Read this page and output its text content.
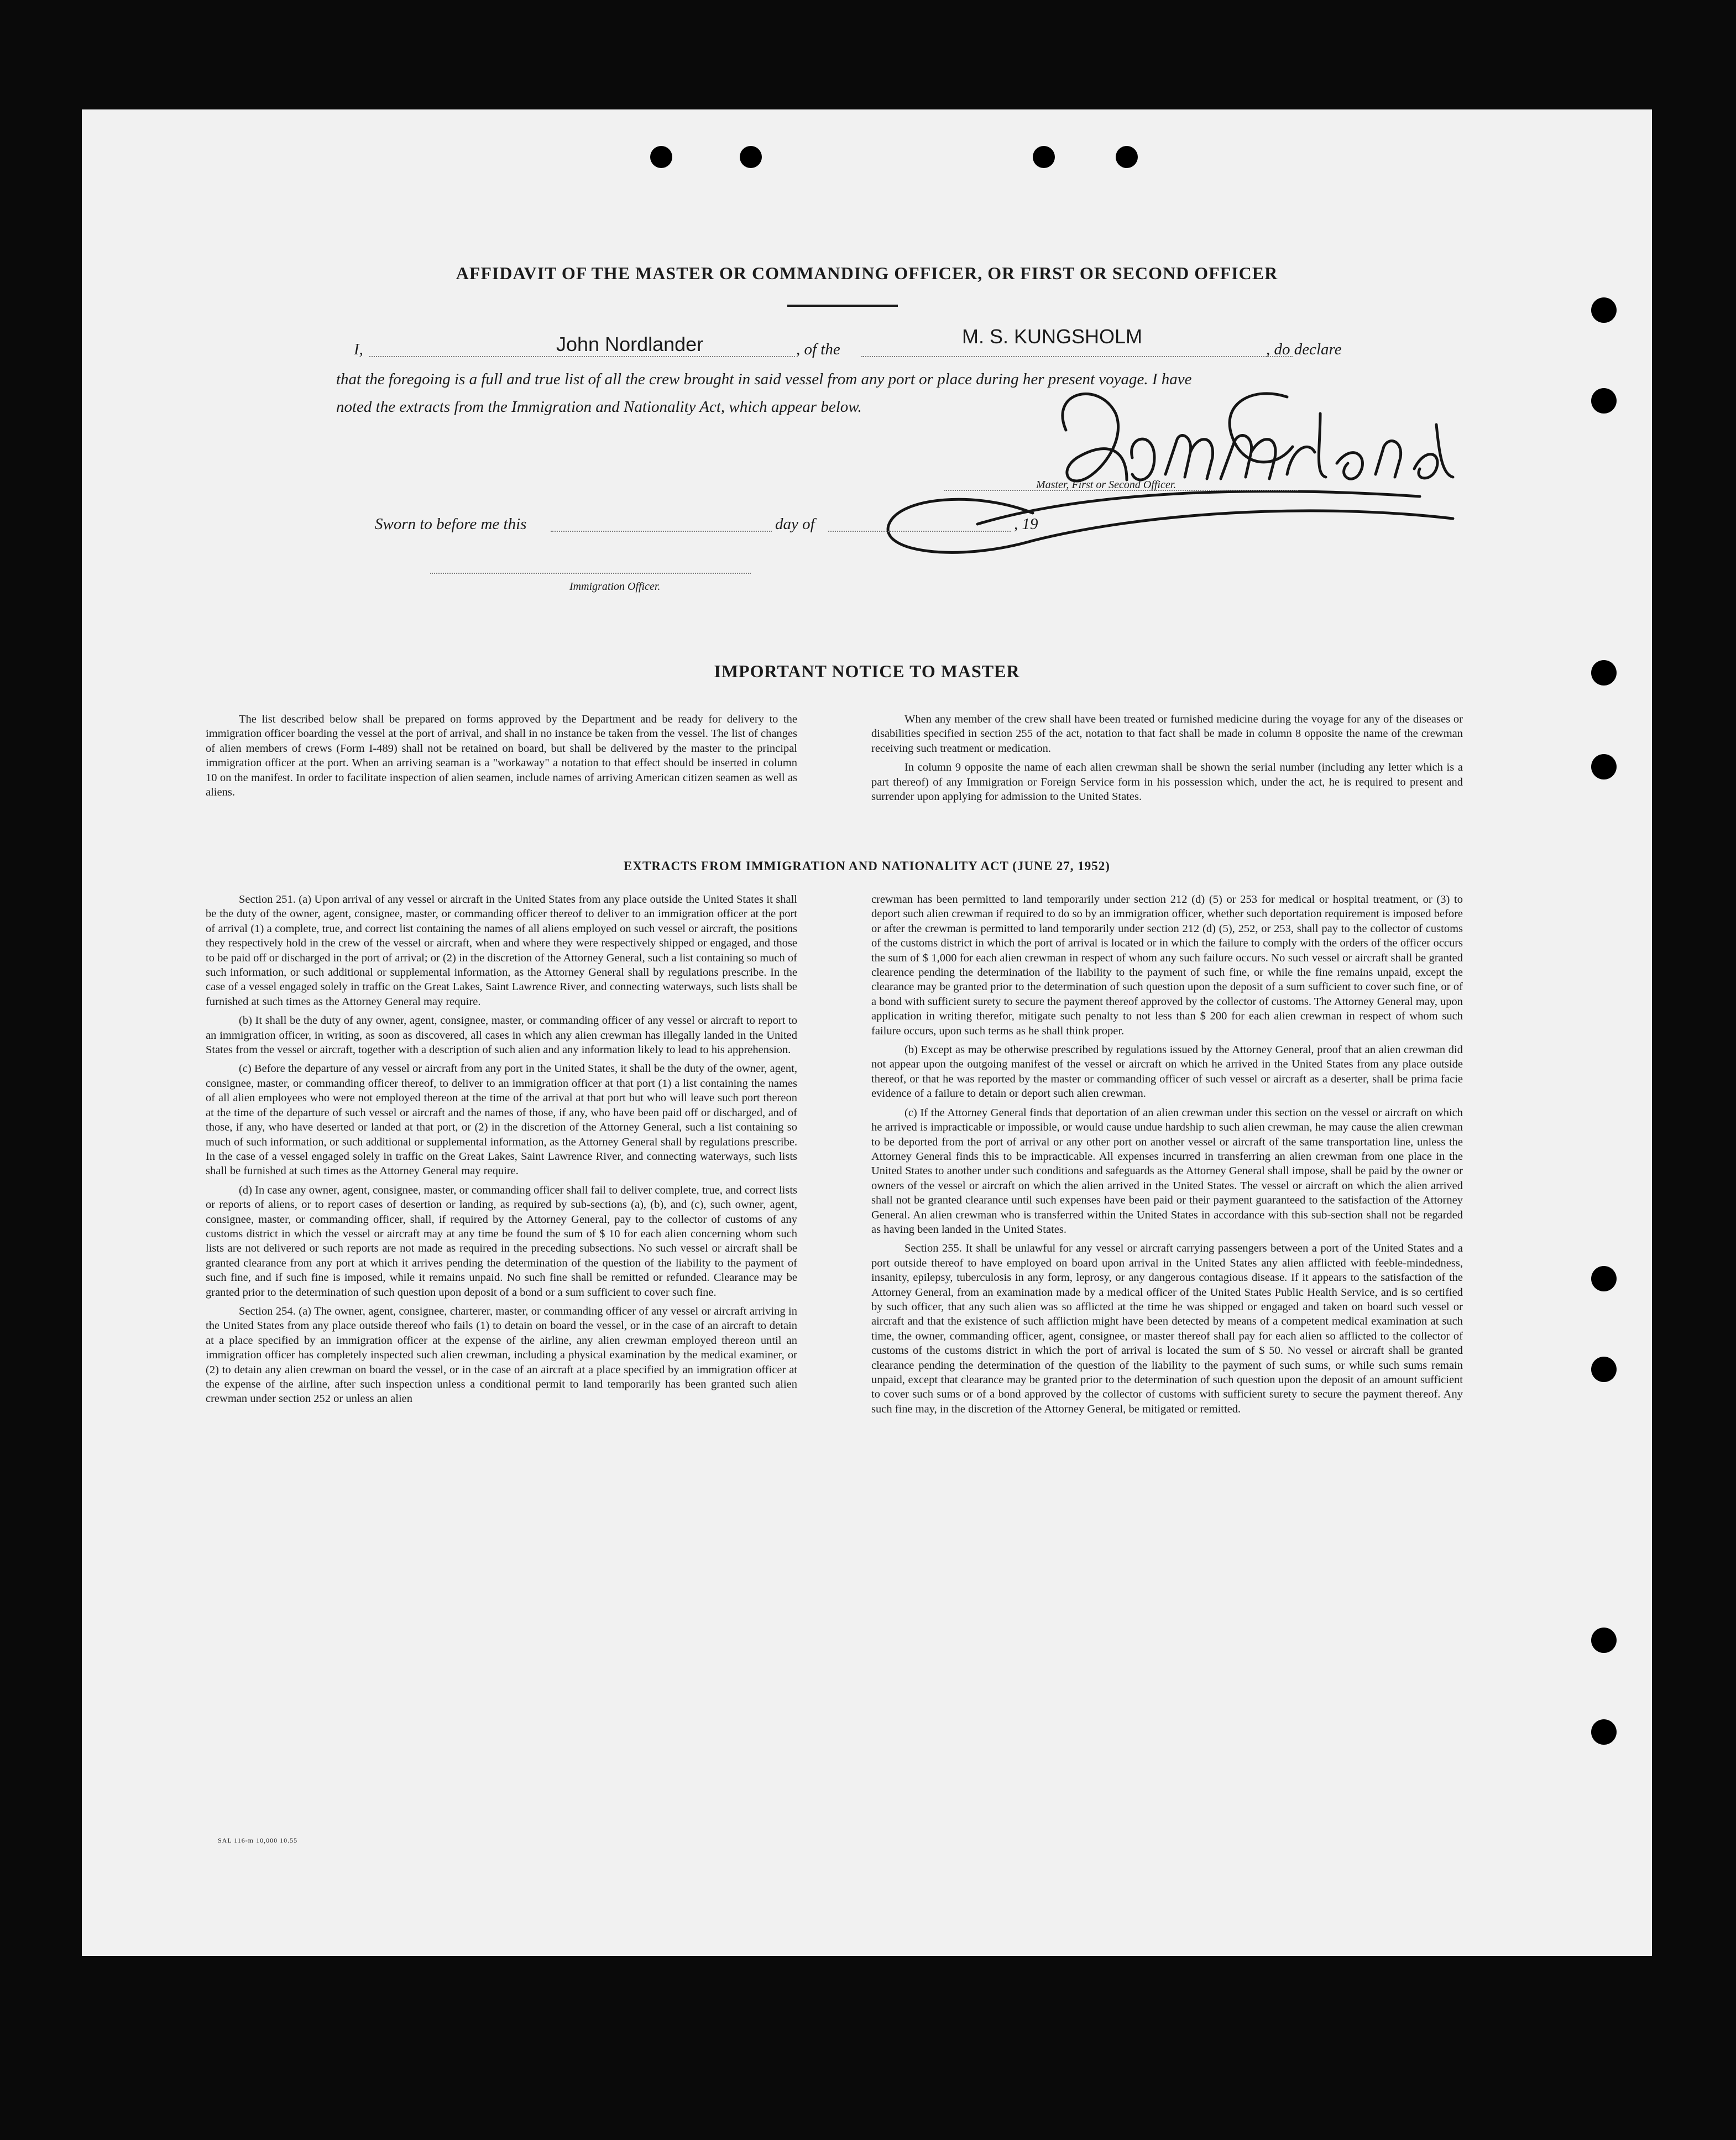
AFFIDAVIT OF THE MASTER OR COMMANDING OFFICER, OR FIRST OR SECOND OFFICER
I,	John Nordlander	, of the
M. S. KUNGSHOLM
, do declare
that the foregoing is a full and true list of all the crew brought in said vessel from any port or place during her present voyage. I have
noted the extracts from the Immigration and Nationality Act, which appear below.
Master, First or Second Officer.
Sworn to before me this	day of	, 19
Immigration Officer.
IMPORTANT NOTICE TO MASTER

The list described below shall be prepared on forms approved by the Department and be ready for delivery to the immigration officer boarding the vessel at the port of arrival, and shall in no instance be taken from the vessel. The list of changes of alien members of crews (Form I-489) shall not be retained on board, but shall be delivered by the master to the principal immigration officer at the port. When an arriving seaman is a "workaway" a notation to that effect should be inserted in column 10 on the manifest. In order to facilitate inspection of alien seamen, include names of arriving American citizen seamen as well as aliens.

When any member of the crew shall have been treated or furnished medicine during the voyage for any of the diseases or disabilities specified in section 255 of the act, notation to that fact shall be made in column 8 opposite the name of the crewman receiving such treatment or medication.

In column 9 opposite the name of each alien crewman shall be shown the serial number (including any letter which is a part thereof) of any Immigration or Foreign Service form in his possession which, under the act, he is required to present and surrender upon applying for admission to the United States.

EXTRACTS FROM IMMIGRATION AND NATIONALITY ACT (JUNE 27, 1952)

Section 251. (a) Upon arrival of any vessel or aircraft in the United States from any place outside the United States it shall be the duty of the owner, agent, consignee, master, or commanding officer thereof to deliver to an immigration officer at the port of arrival (1) a complete, true, and correct list containing the names of all aliens employed on such vessel or aircraft, the positions they respectively hold in the crew of the vessel or aircraft, when and where they were respectively shipped or engaged, and those to be paid off or discharged in the port of arrival; or (2) in the discretion of the Attorney General, such a list containing so much of such information, or such additional or supplemental information, as the Attorney General shall by regulations prescribe. In the case of a vessel engaged solely in traffic on the Great Lakes, Saint Lawrence River, and connecting waterways, such lists shall be furnished at such times as the Attorney General may require.

(b) It shall be the duty of any owner, agent, consignee, master, or commanding officer of any vessel or aircraft to report to an immigration officer, in writing, as soon as discovered, all cases in which any alien crewman has illegally landed in the United States from the vessel or aircraft, together with a description of such alien and any information likely to lead to his apprehension.

(c) Before the departure of any vessel or aircraft from any port in the United States, it shall be the duty of the owner, agent, consignee, master, or commanding officer thereof, to deliver to an immigration officer at that port (1) a list containing the names of all alien employees who were not employed thereon at the time of the arrival at that port but who will leave such port thereon at the time of the departure of such vessel or aircraft and the names of those, if any, who have been paid off or discharged, and of those, if any, who have deserted or landed at that port, or (2) in the discretion of the Attorney General, such a list containing so much of such information, or such additional or supplemental information, as the Attorney General shall by regulations prescribe. In the case of a vessel engaged solely in traffic on the Great Lakes, Saint Lawrence River, and connecting waterways, such lists shall be furnished at such times as the Attorney General may require.

(d) In case any owner, agent, consignee, master, or commanding officer shall fail to deliver complete, true, and correct lists or reports of aliens, or to report cases of desertion or landing, as required by sub-sections (a), (b), and (c), such owner, agent, consignee, master, or commanding officer, shall, if required by the Attorney General, pay to the collector of customs of any customs district in which the vessel or aircraft may at any time be found the sum of $ 10 for each alien concerning whom such lists are not delivered or such reports are not made as required in the preceding subsections. No such vessel or aircraft shall be granted clearance from any port at which it arrives pending the determination of the question of the liability to the payment of such fine, and if such fine is imposed, while it remains unpaid. No such fine shall be remitted or refunded. Clearance may be granted prior to the determination of such question upon deposit of a bond or a sum sufficient to cover such fine.

Section 254. (a) The owner, agent, consignee, charterer, master, or commanding officer of any vessel or aircraft arriving in the United States from any place outside thereof who fails (1) to detain on board the vessel, or in the case of an aircraft to detain at a place specified by an immigration officer at the expense of the airline, any alien crewman employed thereon until an immigration officer has completely inspected such alien crewman, including a physical examination by the medical examiner, or (2) to detain any alien crewman on board the vessel, or in the case of an aircraft at a place specified by an immigration officer at the expense of the airline, after such inspection unless a conditional permit to land temporarily has been granted such alien crewman under section 252 or unless an alien

crewman has been permitted to land temporarily under section 212 (d) (5) or 253 for medical or hospital treatment, or (3) to deport such alien crewman if required to do so by an immigration officer, whether such deportation requirement is imposed before or after the crewman is permitted to land temporarily under section 212 (d) (5), 252, or 253, shall pay to the collector of customs of the customs district in which the port of arrival is located or in which the failure to comply with the orders of the officer occurs the sum of $ 1,000 for each alien crewman in respect of whom any such failure occurs. No such vessel or aircraft shall be granted clearence pending the determination of the liability to the payment of such fine, or while the fine remains unpaid, except the clearance may be granted prior to the determination of such question upon the deposit of a sum sufficient to cover such fine, or of a bond with sufficient surety to secure the payment thereof approved by the collector of customs. The Attorney General may, upon application in writing therefor, mitigate such penalty to not less than $ 200 for each alien crewman in respect of whom such failure occurs, upon such terms as he shall think proper.

(b) Except as may be otherwise prescribed by regulations issued by the Attorney General, proof that an alien crewman did not appear upon the outgoing manifest of the vessel or aircraft on which he arrived in the United States from any place outside thereof, or that he was reported by the master or commanding officer of such vessel or aircraft as a deserter, shall be prima facie evidence of a failure to detain or deport such alien crewman.

(c) If the Attorney General finds that deportation of an alien crewman under this section on the vessel or aircraft on which he arrived is impracticable or impossible, or would cause undue hardship to such alien crewman, he may cause the alien crewman to be deported from the port of arrival or any other port on another vessel or aircraft of the same transportation line, unless the Attorney General finds this to be impracticable. All expenses incurred in transferring an alien crewman from one place in the United States to another under such conditions and safeguards as the Attorney General shall impose, shall be paid by the owner or owners of the vessel or aircraft on which the alien arrived in the United States. The vessel or aircraft on which the alien arrived shall not be granted clearance until such expenses have been paid or their payment guaranteed to the satisfaction of the Attorney General. An alien crewman who is transferred within the United States in accordance with this sub-section shall not be regarded as having been landed in the United States.

Section 255. It shall be unlawful for any vessel or aircraft carrying passengers between a port of the United States and a port outside thereof to have employed on board upon arrival in the United States any alien afflicted with feeble-mindedness, insanity, epilepsy, tuberculosis in any form, leprosy, or any dangerous contagious disease. If it appears to the satisfaction of the Attorney General, from an examination made by a medical officer of the United States Public Health Service, and is so certified by such officer, that any such alien was so afflicted at the time he was shipped or engaged and taken on board such vessel or aircraft and that the existence of such affliction might have been detected by means of a competent medical examination at such time, the owner, commanding officer, agent, consignee, or master thereof shall pay for each alien so afflicted to the collector of customs of the customs district in which the port of arrival is located the sum of $ 50. No vessel or aircraft shall be granted clearance pending the determination of the question of the liability to the payment of such sums, or while such sums remain unpaid, except that clearance may be granted prior to the determination of such question upon the deposit of an amount sufficient to cover such sums or of a bond approved by the collector of customs with sufficient surety to secure the payment thereof. Any such fine may, in the discretion of the Attorney General, be mitigated or remitted.

SAL 116-m 10,000 10.55
